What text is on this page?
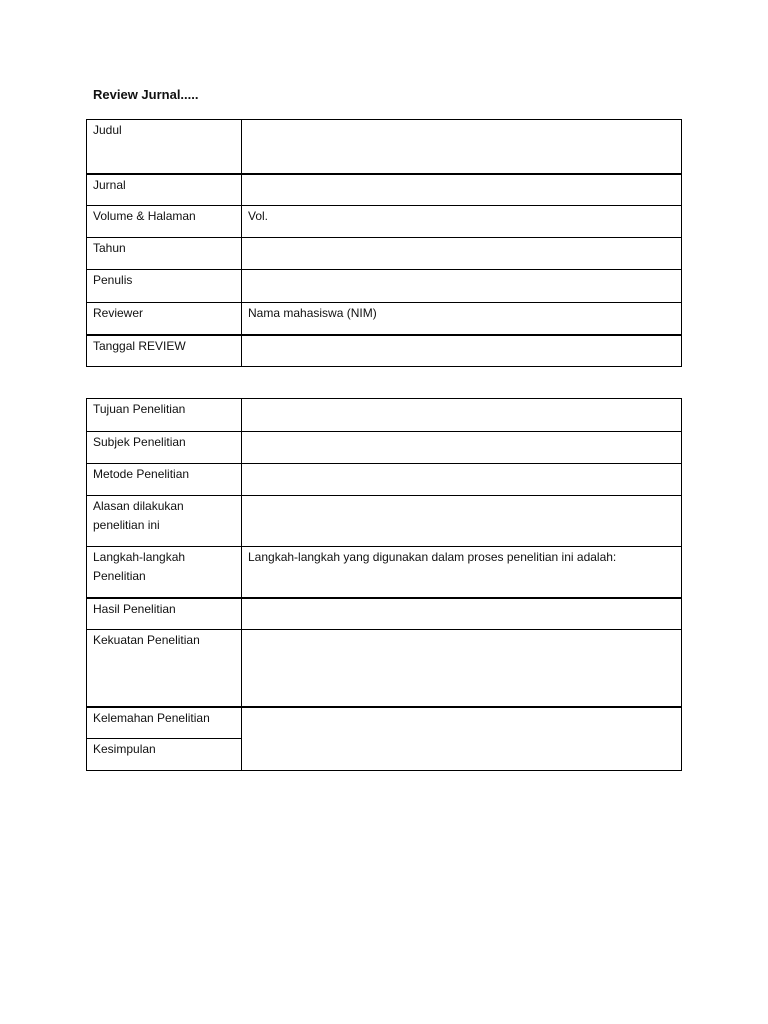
Review Jurnal.....
Judul	
Jurnal	
Volume & Halaman	Vol.
Tahun	
Penulis	
Reviewer	Nama mahasiswa (NIM)
Tanggal REVIEW	
Tujuan Penelitian	
Subjek Penelitian	
Metode Penelitian	
Alasan dilakukan penelitian ini	
Langkah-langkah Penelitian	Langkah-langkah yang digunakan dalam proses penelitian ini adalah:
Hasil Penelitian	
Kekuatan Penelitian	
Kelemahan Penelitian	
Kesimpulan	
